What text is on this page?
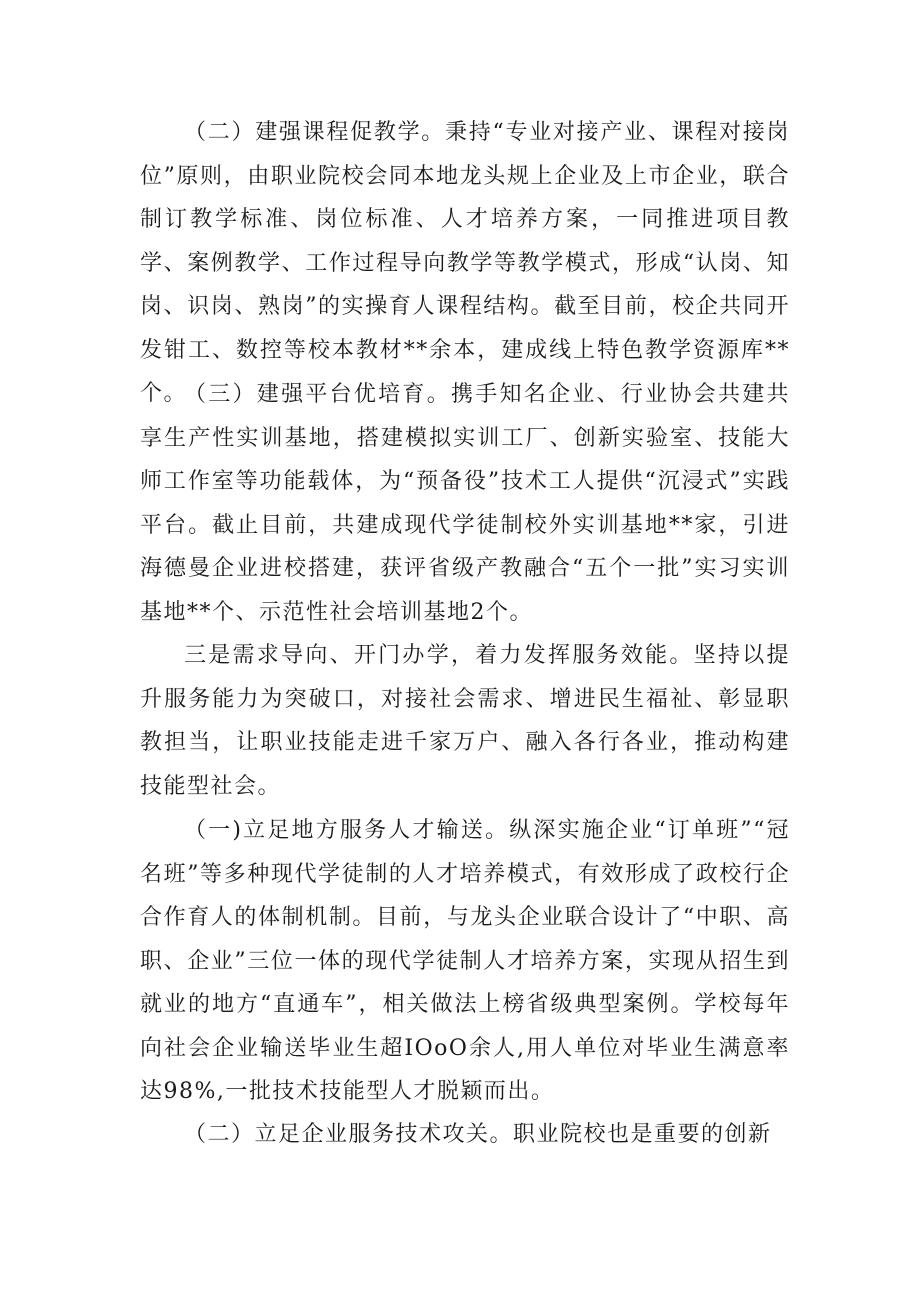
（二）建强课程促教学。秉持“专业对接产业、课程对接岗位”原则，由职业院校会同本地龙头规上企业及上市企业，联合制订教学标准、岗位标准、人才培养方案，一同推进项目教学、案例教学、工作过程导向教学等教学模式，形成“认岗、知岗、识岗、熟岗”的实操育人课程结构。截至目前，校企共同开发钳工、数控等校本教材**余本，建成线上特色教学资源库**个。

（三）建强平台优培育。携手知名企业、行业协会共建共享生产性实训基地，搭建模拟实训工厂、创新实验室、技能大师工作室等功能载体，为“预备役”技术工人提供“沉浸式”实践平台。截止目前，共建成现代学徒制校外实训基地**家，引进海德曼企业进校搭建，获评省级产教融合“五个一批”实习实训基地**个、示范性社会培训基地2个。

三是需求导向、开门办学，着力发挥服务效能。坚持以提升服务能力为突破口，对接社会需求、增进民生福祉、彰显职教担当，让职业技能走进千家万户、融入各行各业，推动构建技能型社会。

（一)立足地方服务人才输送。纵深实施企业“订单班”“冠名班”等多种现代学徒制的人才培养模式，有效形成了政校行企合作育人的体制机制。目前，与龙头企业联合设计了“中职、高职、企业”三位一体的现代学徒制人才培养方案，实现从招生到就业的地方“直通车”，相关做法上榜省级典型案例。学校每年向社会企业输送毕业生超IOoO余人,用人单位对毕业生满意率达98%,一批技术技能型人才脱颖而出。

（二）立足企业服务技术攻关。职业院校也是重要的创新
